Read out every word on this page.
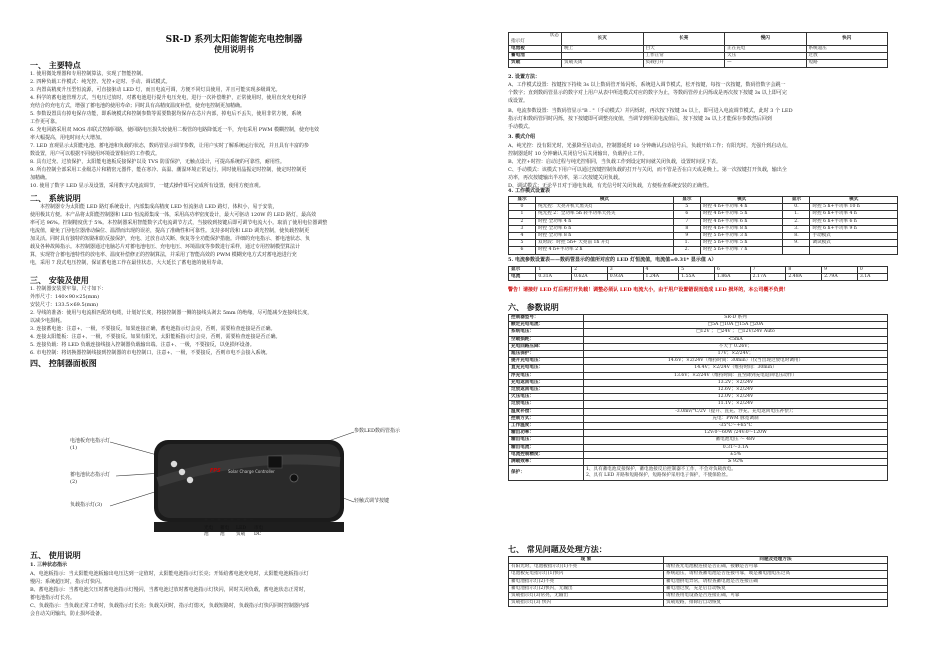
SR-D 系列太阳能智能充电控制器
使用说明书
一、 主要特点
1. 使用微处理器和专用控制算法，实现了智能控制。
2. 四种负载工作模式：纯光控、光控+定时、手动、调试模式。
3. 内置高精度升压型恒流源，可直接驱动 LED 灯，而且电流可调，方便不同灯具使用，并且可能实现多级调光。
4. 科学的蓄电池管理方式，当电压过放时，对蓄电池进行提升电压充电，进行一次补偿维护，正常使用时，使用直充充电和浮
充结合的充电方式，增强了蓄电池的使用寿命；同时具有高精度温度补偿，使充电控制更加精确。
5. 参数设置具有掉电保存功能，即系统模式和控制参数等需要数据均保存在芯片内部，掉电后不丢失，使用非常方便，系统
工作更可靠。
6. 充电回路采用双 MOS 串联式控制回路，使回路电压损失较使用二极管的电路降低近一半，充电采用 PWM 模糊控制，使充电效
率大幅提高，用电时间大大增加。
7. LED 直观显示太阳能电池、蓄电池和负载的状态，数码管显示调节参数，让用户实时了解系统运行状况，并且具有丰富的参
数设置，用户可以根据不同使用环境设置相应的工作模式。
8. 具有过充、过放保护，太阳能电池板反接保护以及 TVS 防雷保护，无触点设计，可提高系统的可靠性，耐用性。
9. 所有控制全部采用工业级芯片和精密元器件，能在寒冷、高温、潮湿环境正常运行，同时使用晶振定时控制，使定时控制更
加精确。
10. 使用了数字 LED 显示及设置，采用数字式电流调节，一键式操作即可完成所有设置，使用方便直观。
二、 系统说明
本控制器专为太阳能 LED 路灯系统设计，内部集成高精度 LED 恒流驱动 LED 路灯，体积小，易于安装，
使用极其方便。本产品将太阳能控制器和 LED 恒流源集成一体，采用高功率密度设计，最大可驱动 120W 的 LED 路灯，最高效
率可达 96%。控制精度优于 5%。本控制器采用智能数字式电流调节方式，当接收到按键后即可调节电流大小。取消了使用电位器调整
电流值，避免了因电位器滑动偏位、温漂而出现的误差，提高了准确性和可靠性。支持多时段和 LED 调光控制，使负载控制更
加灵活。同时具有独特的短路和防反接保护，充电、过放自动关断、恢复等全功能保护措施。详细的充电指示、蓄电池状态、负
载及各种故障指示。本控制器通过电脑芯片对蓄电池电压、充电电压、环境温度等参数进行采样，通过专用控制模型算法计
算，实现符合蓄电池特性的放电率、温度补偿修正的控制算法，并采用了智能高效的 PWM 模糊充电方式对蓄电池进行充
电，采用 7 段式电压控制，保证蓄电池工作在最佳状态，大大延长了蓄电池的使用寿命。
三、 安装及使用
1. 控制器安装要牢靠，尺寸如下：
外形尺寸：140×90×25(mm)
安装尺寸：133.5×69.5(mm)
2. 导线的准备：使用与电流相匹配的电缆，计划好长度，将接控制器一侧的接线头剥去 5mm 的绝缘，尽可能减少连接线长度，
以减少电损耗。
3. 连接蓄电池：注意+、一极，不要接反。如果连接正确，蓄电池指示灯会亮，否则，需要检查连接是否正确。
4. 连接太阳能板：注意+、一极，不要接反。如果有阳光，太阳能板指示灯会亮，否则，需要检查连接是否正确。
5. 连接负载：将 LED 负载连接线接入控制器负载输出端。注意+、一极，不要接反，以免损坏设备。
6. 市电控制：将切换器控制线接到控制器的市电控制口，注意+、一极，不要接反，否则市电不会接入系统。
四、 控制器面板图
电池板充电指示灯(1)
蓄电池状态指示灯(2)
负载指示灯(3)
参数LED数码管指示
轻触式调节按键
FPS Solar Charge Controller
+ − + − + − + −
光电池
蓄电池
LED负载
市电DC
五、 使用说明
1. 三种状态指示
A、电池板指示：当太阳能电池板输出电压达到一定值时，太阳能电池指示灯长亮；开始给蓄电池充电时，太阳能电池板指示灯
慢闪；系统超压时，指示灯快闪。
B、蓄电池指示：当蓄电池欠压时蓄电池指示灯慢闪，当蓄电池过放时蓄电池指示灯快闪，同时关闭负载，蓄电池状态正常时，
蓄电池指示灯长亮。
C、负载指示：当负载正常工作时，负载指示灯长亮；负载关闭时，指示灯熄灭，负载短路时，负载指示灯快闪同时控制器内部
会自动关闭输出，防止损坏设备。
状态
指示灯	长灭	长亮	慢闪	快闪
电池板	晚上	白天	正在充电	系统超压
蓄电池		工作正常	欠压	过放
负载	负载关闭	负载打开	—	短路
2. 设置方法：
A、工作模式设置：按键按下持续 3s 以上数码管开始闪烁，系统进入调节模式，松开按键，每按一次按键，数码管数字会跳一
个数字；直到数码管显示的数字对上用户从表中所选模式对应的数字为止，等数码管停止闪烁或是再次按下按键 3s 以上即可完
成设置。
B、电流参数设置：当数码管显示"B . "（手动模式）并闪烁时，再次按下按键 3s 以上，即可进入电流调节模式，此时 3 个 LED
指示灯和数码管同时闪烁，按下按键即可调整亮度值，当调节到所需电流值后，按下按键 3s 以上才能保存参数然后回到
手动模式。
3. 模式介绍
A、纯光控：没有阳光时，光强降至启动点，控制器延时 10 分钟确认启动信号后，负载开始工作；有阳光时，光强升到启动点，
控制器延时 10 分钟确认关闭信号后关闭输出，负载停止工作。
B、光控+时控：启动过程与纯光控相同，当负载工作到设定时间就关闭负载，设置时间见下表。
C、手动模式：该模式下用户可以通过按键控制负载的打开与关闭，而不管是否在白天或是晚上。第一次按键打开负载，输出全
功率，再次按键输出半功率，第三次按键关闭负载。
D、调试模式：无论早日对于通电负载，有光信号时关闭负载，方便检查系统安装的正确性。
4. 工作模式设置表
显示	模式	显示	模式	显示	模式
0	纯光控：天亮开机天黑关灯	5	时控 4 h+半功率 4 h	0.	时控 5 h+半功率 10 h
1	纯光控 2：全功率 5h 转半功率天亮关	6	时控 4 h+半功率 5 h	1.	时控 6 h+半功率 4 h
2	时控 全功率 4 h	7	时控 4 h+半功率 6 h	2.	时控 6 h+半功率 6 h
3	时控 全功率 6 h	8	时控 4 h+半功率 8 h	3.	时控 6 h+半功率 9 h
4	时控 全功率 8 h	9	时控 5 h+半功率 3 h	8.	手动模式
5	双时段：时控 5h+ 天亮前 1h 开灯	1.	时控 5 h+半功率 5 h	9.	调试模式
6	时控 4 h+半功率 2 h	2.	时控 5 h+半功率 7 h		
5. 电流参数设置表——数码管显示的值所对应的 LED 灯恒流值，电流值=0.31* 显示值 A）
显示	1	2	3	4	5	6	7	8	9	0
电流	0.31A	0.62A	0.93A	1.24A	1.55A	1.86A	2.17A	2.48A	2.79A	3.1A
警告！请接好 LED 灯后再打开负载！调整必须认 LED 电流大小，由于用户设置错误而造成 LED 损坏的，本公司概不负责！
六、 参数说明
控制器型号：	SR-D 系列
额定充电电流：	□5A □10A □15A □20A
系统电压：	□12V ； □24V ； □12V/24V Auto
空载损耗：	<5mA
充电回路压降：	不大于 0.26V；
超压保护：	17V；×2/24V；
提升充电电压：	14.6V；×2/24V（维持时间：30min）（仅当出现过放电时调用）
直充充电电压：	14.4V；×2/24V（维持时间：30min）
浮充电压：	13.6V；×2/24V（维持时间：直至降到充电返回电压动作）
充电返回电压：	13.2V；×2/24V
过放返回电压：	12.6V；×2/24V
欠压电压：	12.0V；×2/24V
过放电压：	11.1V；×2/24V
温度补偿：	-3.0mv/°C/2V（提升、直充、浮充、充电返回电压补偿）；
控制方式：	充电：PWM 脉宽调制
工作温度：	-35°C～+65°C
输出功率：	12V:0～60W /24V:0～120W
输出电压：	蓄电池电压 ～ 48V
输出电流：	0.31～3.1A
电流控制精度：	±5%
满载效率：	≥ 92%
保护：	1、具有蓄电池反接保护，蓄电池接反后控制器不工作，不会对负载放电。
2、具有 LED 开路和短路保护，短路保护采用电子保护，不使保险丝。
七、 常见问题及处理方法：
现 象	问题及处理方法
有阳光时，电池板指示灯(1)不亮	请检查光电池板连接是否正确，接触是否可靠
电池板充电指示灯(1)快闪	系统超压，请检查蓄电池是否连接可靠，或是蓄电池电压过高
蓄电池指示灯(2)不亮	蓄电池供电异常，请检查蓄电池是否连接正确
蓄电池指示灯(2)快闪，无输出	蓄电池过放，充足后自动恢复
负载指示灯(3)常亮，无输出	请检查用电设备是否连接正确，可靠
负载指示灯(3) 快闪	负载短路，排除后自动恢复
